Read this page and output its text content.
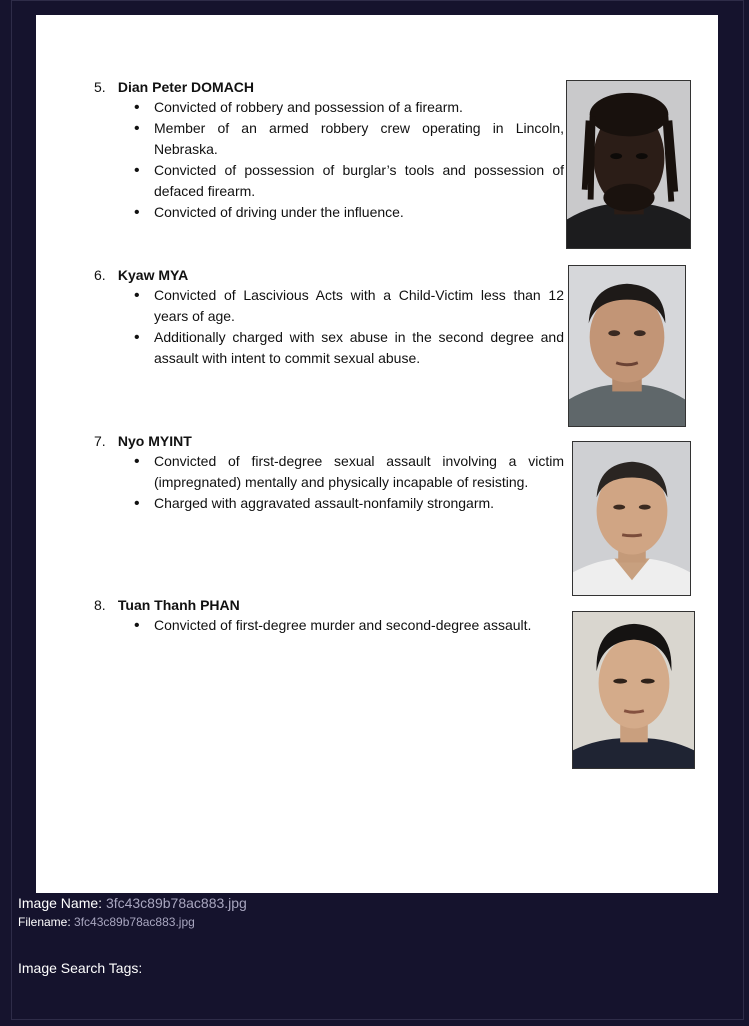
5. Dian Peter DOMACH
• Convicted of robbery and possession of a firearm.
• Member of an armed robbery crew operating in Lincoln, Nebraska.
• Convicted of possession of burglar’s tools and possession of defaced firearm.
• Convicted of driving under the influence.
6. Kyaw MYA
• Convicted of Lascivious Acts with a Child-Victim less than 12 years of age.
• Additionally charged with sex abuse in the second degree and assault with intent to commit sexual abuse.
7. Nyo MYINT
• Convicted of first-degree sexual assault involving a victim (impregnated) mentally and physically incapable of resisting.
• Charged with aggravated assault-nonfamily strongarm.
8. Tuan Thanh PHAN
• Convicted of first-degree murder and second-degree assault.
Image Name: 3fc43c89b78ac883.jpg
Filename: 3fc43c89b78ac883.jpg
Image Search Tags:
